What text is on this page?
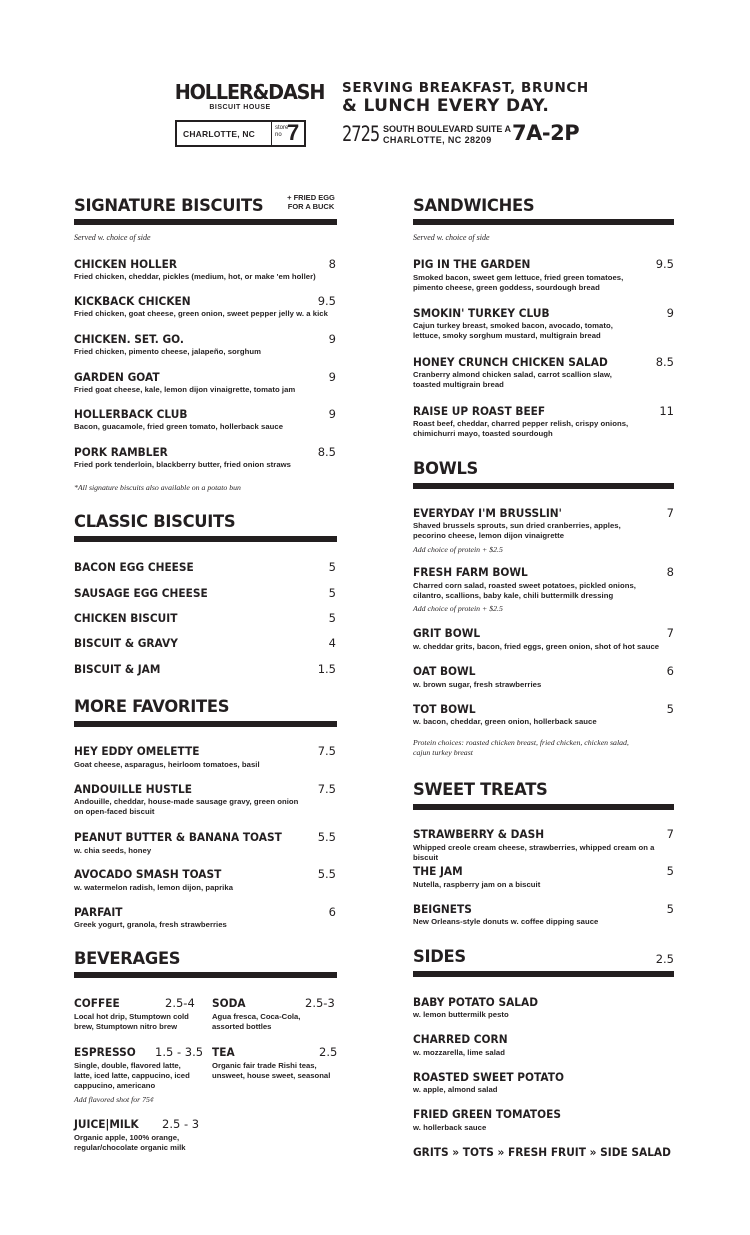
HOLLER&DASH
BISCUIT HOUSE
CHARLOTTE, NC
store
no 7
SERVING BREAKFAST, BRUNCH
& LUNCH EVERY DAY.
2725 SOUTH BOULEVARD SUITE A
CHARLOTTE, NC 28209 7A-2P
SIGNATURE BISCUITS	+ FRIED EGG FOR A BUCK
Served w. choice of side
CHICKEN HOLLER	8
Fried chicken, cheddar, pickles (medium, hot, or make 'em holler)
KICKBACK CHICKEN	9.5
Fried chicken, goat cheese, green onion, sweet pepper jelly w. a kick
CHICKEN. SET. GO.	9
Fried chicken, pimento cheese, jalapeño, sorghum
GARDEN GOAT	9
Fried goat cheese, kale, lemon dijon vinaigrette, tomato jam
HOLLERBACK CLUB	9
Bacon, guacamole, fried green tomato, hollerback sauce
PORK RAMBLER	8.5
Fried pork tenderloin, blackberry butter, fried onion straws
*All signature biscuits also available on a potato bun
CLASSIC BISCUITS
BACON EGG CHEESE	5
SAUSAGE EGG CHEESE	5
CHICKEN BISCUIT	5
BISCUIT & GRAVY	4
BISCUIT & JAM	1.5
MORE FAVORITES
HEY EDDY OMELETTE	7.5
Goat cheese, asparagus, heirloom tomatoes, basil
ANDOUILLE HUSTLE	7.5
Andouille, cheddar, house-made sausage gravy, green onion on open-faced biscuit
PEANUT BUTTER & BANANA TOAST	5.5
w. chia seeds, honey
AVOCADO SMASH TOAST	5.5
w. watermelon radish, lemon dijon, paprika
PARFAIT	6
Greek yogurt, granola, fresh strawberries
BEVERAGES
COFFEE	2.5-4
Local hot drip, Stumptown cold brew, Stumptown nitro brew
SODA	2.5-3
Agua fresca, Coca-Cola, assorted bottles
ESPRESSO 1.5 - 3.5
Single, double, flavored latte, latte, iced latte, cappucino, iced cappucino, americano
Add flavored shot for 75¢
TEA	2.5
Organic fair trade Rishi teas, unsweet, house sweet, seasonal
JUICE|MILK 2.5 - 3
Organic apple, 100% orange, regular/chocolate organic milk
SANDWICHES
Served w. choice of side
PIG IN THE GARDEN	9.5
Smoked bacon, sweet gem lettuce, fried green tomatoes, pimento cheese, green goddess, sourdough bread
SMOKIN' TURKEY CLUB	9
Cajun turkey breast, smoked bacon, avocado, tomato, lettuce, smoky sorghum mustard, multigrain bread
HONEY CRUNCH CHICKEN SALAD	8.5
Cranberry almond chicken salad, carrot scallion slaw, toasted multigrain bread
RAISE UP ROAST BEEF	11
Roast beef, cheddar, charred pepper relish, crispy onions, chimichurri mayo, toasted sourdough
BOWLS
EVERYDAY I'M BRUSSLIN'	7
Shaved brussels sprouts, sun dried cranberries, apples, pecorino cheese, lemon dijon vinaigrette
Add choice of protein + $2.5
FRESH FARM BOWL	8
Charred corn salad, roasted sweet potatoes, pickled onions, cilantro, scallions, baby kale, chili buttermilk dressing
Add choice of protein + $2.5
GRIT BOWL	7
w. cheddar grits, bacon, fried eggs, green onion, shot of hot sauce
OAT BOWL	6
w. brown sugar, fresh strawberries
TOT BOWL	5
w. bacon, cheddar, green onion, hollerback sauce
Protein choices: roasted chicken breast, fried chicken, chicken salad, cajun turkey breast
SWEET TREATS
STRAWBERRY & DASH	7
Whipped creole cream cheese, strawberries, whipped cream on a biscuit
THE JAM	5
Nutella, raspberry jam on a biscuit
BEIGNETS	5
New Orleans-style donuts w. coffee dipping sauce
SIDES	2.5
BABY POTATO SALAD
w. lemon buttermilk pesto
CHARRED CORN
w. mozzarella, lime salad
ROASTED SWEET POTATO
w. apple, almond salad
FRIED GREEN TOMATOES
w. hollerback sauce
GRITS » TOTS » FRESH FRUIT » SIDE SALAD
